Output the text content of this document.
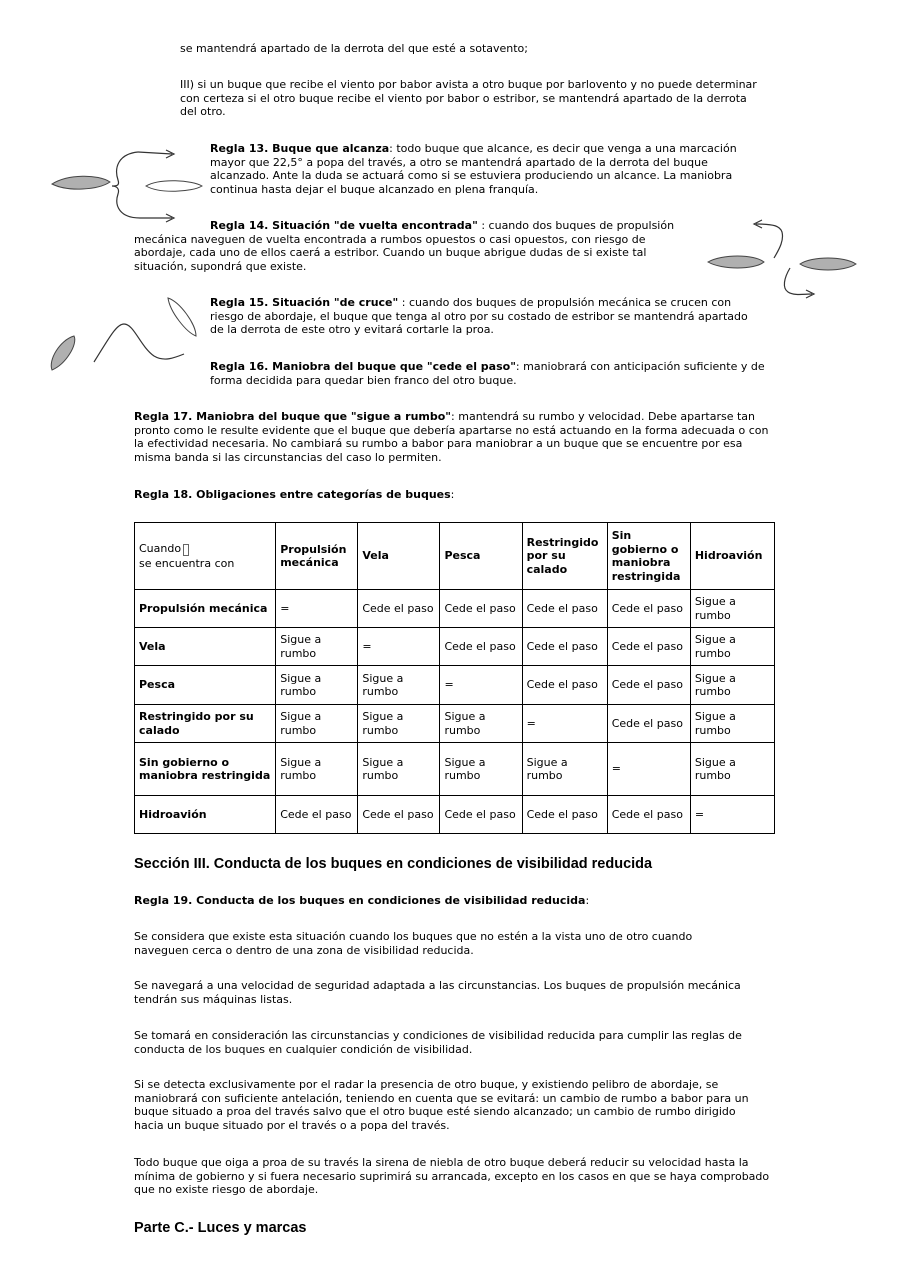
se mantendrá apartado de la derrota del que esté a sotavento;

III) si un buque que recibe el viento por babor avista a otro buque por barlovento y no puede determinar con certeza si el otro buque recibe el viento por babor o estribor, se mantendrá apartado de la derrota del otro.

Regla 13. Buque que alcanza: todo buque que alcance, es decir que venga a una marcación mayor que 22,5° a popa del través, a otro se mantendrá apartado de la derrota del buque alcanzado. Ante la duda se actuará como si se estuviera produciendo un alcance. La maniobra continua hasta dejar el buque alcanzado en plena franquía.

Regla 14. Situación "de vuelta encontrada" : cuando dos buques de propulsión mecánica naveguen de vuelta encontrada a rumbos opuestos o casi opuestos, con riesgo de abordaje, cada uno de ellos caerá a estribor. Cuando un buque abrigue dudas de si existe tal situación, supondrá que existe.

Regla 15. Situación "de cruce" : cuando dos buques de propulsión mecánica se crucen con riesgo de abordaje, el buque que tenga al otro por su costado de estribor se mantendrá apartado de la derrota de este otro y evitará cortarle la proa.

Regla 16. Maniobra del buque que "cede el paso": maniobrará con anticipación suficiente y de forma decidida para quedar bien franco del otro buque.

Regla 17. Maniobra del buque que "sigue a rumbo": mantendrá su rumbo y velocidad. Debe apartarse tan pronto como le resulte evidente que el buque que debería apartarse no está actuando en la forma adecuada o con la efectividad necesaria. No cambiará su rumbo a babor para maniobrar a un buque que se encuentre por esa misma banda si las circunstancias del caso lo permiten.

Regla 18. Obligaciones entre categorías de buques:

Cuando
se encuentra con	Propulsión mecánica	Vela	Pesca	Restringido por su calado	Sin gobierno o maniobra restringida	Hidroavión
Propulsión mecánica	=	Cede el paso	Cede el paso	Cede el paso	Cede el paso	Sigue a rumbo
Vela	Sigue a rumbo	=	Cede el paso	Cede el paso	Cede el paso	Sigue a rumbo
Pesca	Sigue a rumbo	Sigue a rumbo	=	Cede el paso	Cede el paso	Sigue a rumbo
Restringido por su calado	Sigue a rumbo	Sigue a rumbo	Sigue a rumbo	=	Cede el paso	Sigue a rumbo
Sin gobierno o maniobra restringida	Sigue a rumbo	Sigue a rumbo	Sigue a rumbo	Sigue a rumbo	=	Sigue a rumbo
Hidroavión	Cede el paso	Cede el paso	Cede el paso	Cede el paso	Cede el paso	=
Sección III. Conducta de los buques en condiciones de visibilidad reducida

Regla 19. Conducta de los buques en condiciones de visibilidad reducida:

Se considera que existe esta situación cuando los buques que no estén a la vista uno de otro cuando naveguen cerca o dentro de una zona de visibilidad reducida.

Se navegará a una velocidad de seguridad adaptada a las circunstancias. Los buques de propulsión mecánica tendrán sus máquinas listas.

Se tomará en consideración las circunstancias y condiciones de visibilidad reducida para cumplir las reglas de conducta de los buques en cualquier condición de visibilidad.

Si se detecta exclusivamente por el radar la presencia de otro buque, y existiendo pelibro de abordaje, se maniobrará con suficiente antelación, teniendo en cuenta que se evitará: un cambio de rumbo a babor para un buque situado a proa del través salvo que el otro buque esté siendo alcanzado; un cambio de rumbo dirigido hacia un buque situado por el través o a popa del través.

Todo buque que oiga a proa de su través la sirena de niebla de otro buque deberá reducir su velocidad hasta la mínima de gobierno y si fuera necesario suprimirá su arrancada, excepto en los casos en que se haya comprobado que no existe riesgo de abordaje.

Parte C.- Luces y marcas
